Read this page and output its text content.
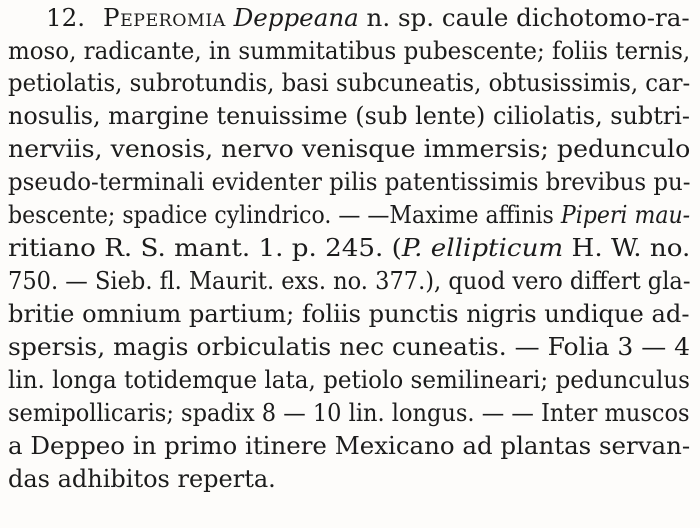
12. Peperomia Deppeana n. sp. caule dichotomo-ra-
moso, radicante, in summitatibus pubescente; foliis ternis,
petiolatis, subrotundis, basi subcuneatis, obtusissimis, car-
nosulis, margine tenuissime (sub lente) ciliolatis, subtri-
nerviis, venosis, nervo venisque immersis; pedunculo
pseudo-terminali evidenter pilis patentissimis brevibus pu-
bescente; spadice cylindrico. — —Maxime affinis Piperi mau-
ritiano R. S. mant. 1. p. 245. (P. ellipticum H. W. no.
750. — Sieb. fl. Maurit. exs. no. 377.), quod vero differt gla-
britie omnium partium; foliis punctis nigris undique ad-
spersis, magis orbiculatis nec cuneatis. — Folia 3 — 4
lin. longa totidemque lata, petiolo semilineari; pedunculus
semipollicaris; spadix 8 — 10 lin. longus. — — Inter muscos
a Deppeo in primo itinere Mexicano ad plantas servan-
das adhibitos reperta.
